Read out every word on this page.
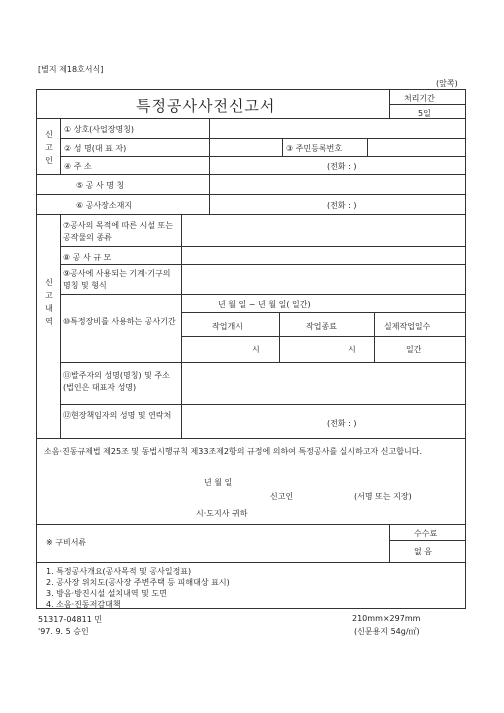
[별지 제18호서식]
(앞쪽)
특정공사사전신고서	처리기간
5일
신고인
① 상호(사업장명칭)
② 성 명(대 표 자)	③ 주민등록번호
④ 주 소	(전화 : )
⑤ 공 사 명 칭
⑥ 공사장소재지	(전화 : )
신고내역
⑦공사의 목적에 따른 시설 또는 공작물의 종류
⑧ 공 사 규 모
⑨공사에 사용되는 기계·기구의 명칭 및 형식
⑩특정장비를 사용하는 공사기간
년 월 일 ~ 년 월 일( 일간)
작업개시	작업종료	실제작업일수
시	시	일간
⑪발주자의 성명(명칭) 및 주소(법인은 대표자 성명)
⑫현장책임자의 성명 및 연락처
(전화 : )
소음·진동규제법 제25조 및 동법시행규칙 제33조제2항의 규정에 의하여 특정공사를 실시하고자 신고합니다.
년 월 일
신고인	(서명 또는 지장)
시·도지사 귀하
※ 구비서류
수수료
없 음
1. 특정공사개요(공사목적 및 공사일정표)
2. 공사장 위치도(공사장 주변주택 등 피해대상 표시)
3. 방음·방진시설 설치내역 및 도면
4. 소음·진동저감대책
51317-04811 민
'97. 9. 5 승인
210mm×297mm
(신문용지 54g/㎡)
